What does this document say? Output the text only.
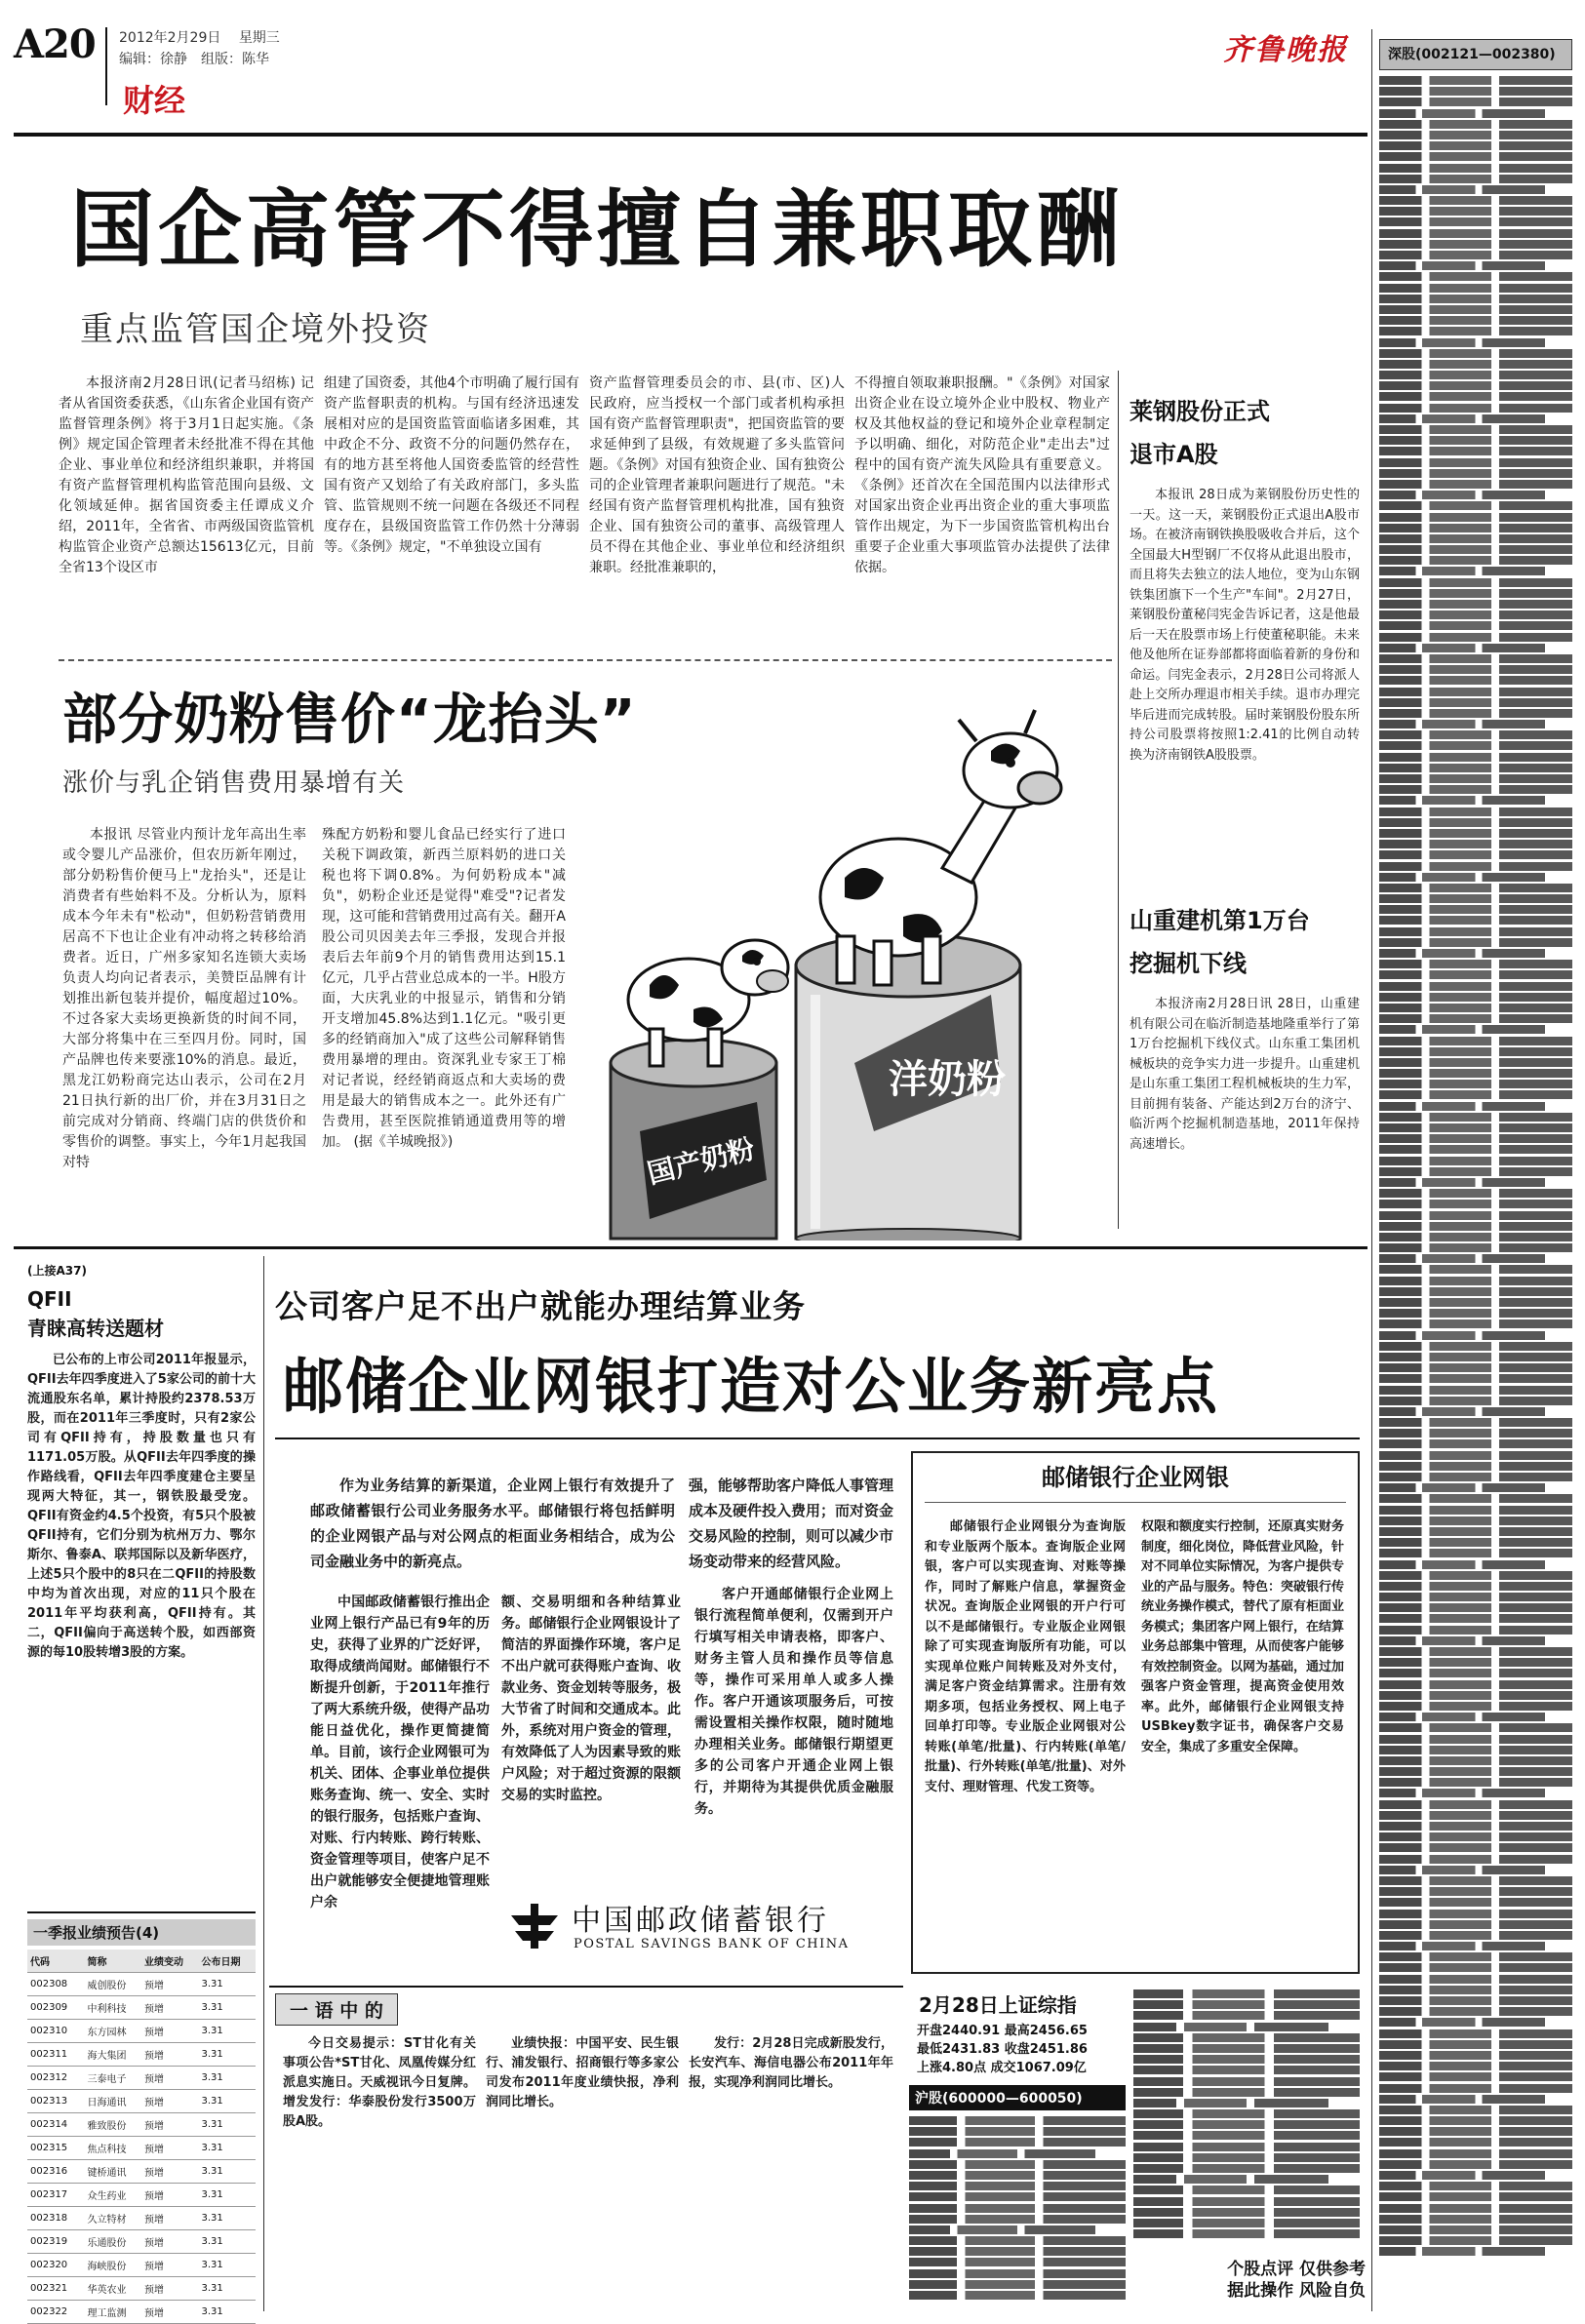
A20 2012年2月29日 星期三
编辑：徐静　组版：陈华
财经
齐鲁晚报	深股(002121—002380)
国企高管不得擅自兼职取酬
重点监管国企境外投资

本报济南2月28日讯(记者马绍栋) 记者从省国资委获悉，《山东省企业国有资产监督管理条例》将于3月1日起实施。《条例》规定国企管理者未经批准不得在其他企业、事业单位和经济组织兼职，并将国有资产监督管理机构监管范围向县级、文化领域延伸。据省国资委主任谭成义介绍，2011年，全省省、市两级国资监管机构监管企业资产总额达15613亿元，目前全省13个设区市

组建了国资委，其他4个市明确了履行国有资产监督职责的机构。与国有经济迅速发展相对应的是国资监管面临诸多困难，其中政企不分、政资不分的问题仍然存在，有的地方甚至将他人国资委监管的经营性国有资产又划给了有关政府部门，多头监管、监管规则不统一问题在各级还不同程度存在，县级国资监管工作仍然十分薄弱等。《条例》规定，"不单独设立国有

资产监督管理委员会的市、县(市、区)人民政府，应当授权一个部门或者机构承担国有资产监督管理职责"，把国资监管的要求延伸到了县级，有效规避了多头监管问题。《条例》对国有独资企业、国有独资公司的企业管理者兼职问题进行了规范。"未经国有资产监督管理机构批准，国有独资企业、国有独资公司的董事、高级管理人员不得在其他企业、事业单位和经济组织兼职。经批准兼职的，

不得擅自领取兼职报酬。"《条例》对国家出资企业在设立境外企业中股权、物业产权及其他权益的登记和境外企业章程制定予以明确、细化，对防范企业"走出去"过程中的国有资产流失风险具有重要意义。《条例》还首次在全国范围内以法律形式对国家出资企业再出资企业的重大事项监管作出规定，为下一步国资监管机构出台重要子企业重大事项监管办法提供了法律依据。

莱钢股份正式
退市A股

本报讯 28日成为莱钢股份历史性的一天。这一天，莱钢股份正式退出A股市场。在被济南钢铁换股吸收合并后，这个全国最大H型钢厂不仅将从此退出股市，而且将失去独立的法人地位，变为山东钢铁集团旗下一个生产"车间"。2月27日，莱钢股份董秘闫宪金告诉记者，这是他最后一天在股票市场上行使董秘职能。未来他及他所在证券部都将面临着新的身份和命运。闫宪金表示，2月28日公司将派人赴上交所办理退市相关手续。退市办理完毕后进而完成转股。届时莱钢股份股东所持公司股票将按照1:2.41的比例自动转换为济南钢铁A股股票。

山重建机第1万台
挖掘机下线

本报济南2月28日讯 28日，山重建机有限公司在临沂制造基地隆重举行了第1万台挖掘机下线仪式。山东重工集团机械板块的竞争实力进一步提升。山重建机是山东重工集团工程机械板块的生力军，目前拥有装备、产能达到2万台的济宁、临沂两个挖掘机制造基地，2011年保持高速增长。

部分奶粉售价“龙抬头”
涨价与乳企销售费用暴增有关

本报讯 尽管业内预计龙年高出生率或令婴儿产品涨价，但农历新年刚过，部分奶粉售价便马上"龙抬头"，还是让消费者有些始料不及。分析认为，原料成本今年未有"松动"，但奶粉营销费用居高不下也让企业有冲动将之转移给消费者。近日，广州多家知名连锁大卖场负责人均向记者表示，美赞臣品牌有计划推出新包装并提价，幅度超过10%。不过各家大卖场更换新货的时间不同，大部分将集中在三至四月份。同时，国产品牌也传来要涨10%的消息。最近，黑龙江奶粉商完达山表示，公司在2月21日执行新的出厂价，并在3月31日之前完成对分销商、终端门店的供货价和零售价的调整。事实上，今年1月起我国对特

殊配方奶粉和婴儿食品已经实行了进口关税下调政策，新西兰原料奶的进口关税也将下调0.8%。为何奶粉成本"减负"，奶粉企业还是觉得"难受"?记者发现，这可能和营销费用过高有关。翻开A股公司贝因美去年三季报，发现合并报表后去年前9个月的销售费用达到15.1亿元，几乎占营业总成本的一半。H股方面，大庆乳业的中报显示，销售和分销开支增加45.8%达到1.1亿元。"吸引更多的经销商加入"成了这些公司解释销售费用暴增的理由。资深乳业专家王丁棉对记者说，经经销商返点和大卖场的费用是最大的销售成本之一。此外还有广告费用，甚至医院推销通道费用等的增加。 (据《羊城晚报》)

洋奶粉
国产奶粉
(上接A37)
QFII
青睐高转送题材

已公布的上市公司2011年报显示，QFII去年四季度进入了5家公司的前十大流通股东名单，累计持股约2378.53万股，而在2011年三季度时，只有2家公司有QFII持有，持股数量也只有1171.05万股。从QFII去年四季度的操作路线看，QFII去年四季度建仓主要呈现两大特征，其一，钢铁股最受宠。QFII有资金约4.5个投资，有5只个股被QFII持有，它们分别为杭州万力、鄂尔斯尔、鲁泰A、联邦国际以及新华医疗，上述5只个股中的8只在二QFII的持股数中均为首次出现，对应的11只个股在2011年平均获利高，QFII持有。其二，QFII偏向于高送转个股，如西部资源的每10股转增3股的方案。

一季报业绩预告(4)
代码	简称	业绩变动	公布日期
002308	威创股份	预增	3.31
002309	中利科技	预增	3.31
002310	东方园林	预增	3.31
002311	海大集团	预增	3.31
002312	三泰电子	预增	3.31
002313	日海通讯	预增	3.31
002314	雅致股份	预增	3.31
002315	焦点科技	预增	3.31
002316	键桥通讯	预增	3.31
002317	众生药业	预增	3.31
002318	久立特材	预增	3.31
002319	乐通股份	预增	3.31
002320	海峡股份	预增	3.31
002321	华英农业	预增	3.31
002322	理工监测	预增	3.31
公司客户足不出户就能办理结算业务
邮储企业网银打造对公业务新亮点

作为业务结算的新渠道，企业网上银行有效提升了邮政储蓄银行公司业务服务水平。邮储银行将包括鲜明的企业网银产品与对公网点的柜面业务相结合，成为公司金融业务中的新亮点。

强，能够帮助客户降低人事管理成本及硬件投入费用；而对资金交易风险的控制，则可以减少市场变动带来的经营风险。

中国邮政储蓄银行推出企业网上银行产品已有9年的历史，获得了业界的广泛好评，取得成绩尚闻财。邮储银行不断提升创新，于2011年推行了两大系统升级，使得产品功能日益优化，操作更简捷简单。目前，该行企业网银可为机关、团体、企事业单位提供账务查询、统一、安全、实时的银行服务，包括账户查询、对账、行内转账、跨行转账、资金管理等项目，使客户足不出户就能够安全便捷地管理账户余

额、交易明细和各种结算业务。邮储银行企业网银设计了简洁的界面操作环境，客户足不出户就可获得账户查询、收款业务、资金划转等服务，极大节省了时间和交通成本。此外，系统对用户资金的管理，有效降低了人为因素导致的账户风险；对于超过资源的限额交易的实时监控。

客户开通邮储银行企业网上银行流程简单便利，仅需到开户行填写相关申请表格，即客户、财务主管人员和操作员等信息等，操作可采用单人或多人操作。客户开通该项服务后，可按需设置相关操作权限，随时随地办理相关业务。邮储银行期望更多的公司客户开通企业网上银行，并期待为其提供优质金融服务。

中国邮政储蓄银行
POSTAL SAVINGS BANK OF CHINA
邮储银行企业网银

邮储银行企业网银分为查询版和专业版两个版本。查询版企业网银，客户可以实现查询、对账等操作，同时了解账户信息，掌握资金状况。查询版企业网银的开户行可以不是邮储银行。专业版企业网银除了可实现查询版所有功能，可以实现单位账户间转账及对外支付，满足客户资金结算需求。注册有效期多项，包括业务授权、网上电子回单打印等。专业版企业网银对公转账(单笔/批量)、行内转账(单笔/批量)、行外转账(单笔/批量)、对外支付、理财管理、代发工资等。

权限和额度实行控制，还原真实财务制度，细化岗位，降低营业风险，针对不同单位实际情况，为客户提供专业的产品与服务。特色：突破银行传统业务操作模式，替代了原有柜面业务模式；集团客户网上银行，在结算业务总部集中管理，从而使客户能够有效控制资金。以网为基础，通过加强客户资金管理，提高资金使用效率。此外，邮储银行企业网银支持USBkey数字证书，确保客户交易安全，集成了多重安全保障。

一 语 中 的

今日交易提示：ST甘化有关事项公告*ST甘化、凤凰传媒分红派息实施日。天威视讯今日复牌。增发发行：华泰股份发行3500万股A股。

业绩快报：中国平安、民生银行、浦发银行、招商银行等多家公司发布2011年度业绩快报，净利润同比增长。

发行：2月28日完成新股发行，长安汽车、海信电器公布2011年年报，实现净利润同比增长。

2月28日上证综指
开盘2440.91 最高2456.65
最低2431.83 收盘2451.86
上涨4.80点 成交1067.09亿
沪股(600000—600050)
个股点评 仅供参考
据此操作 风险自负
